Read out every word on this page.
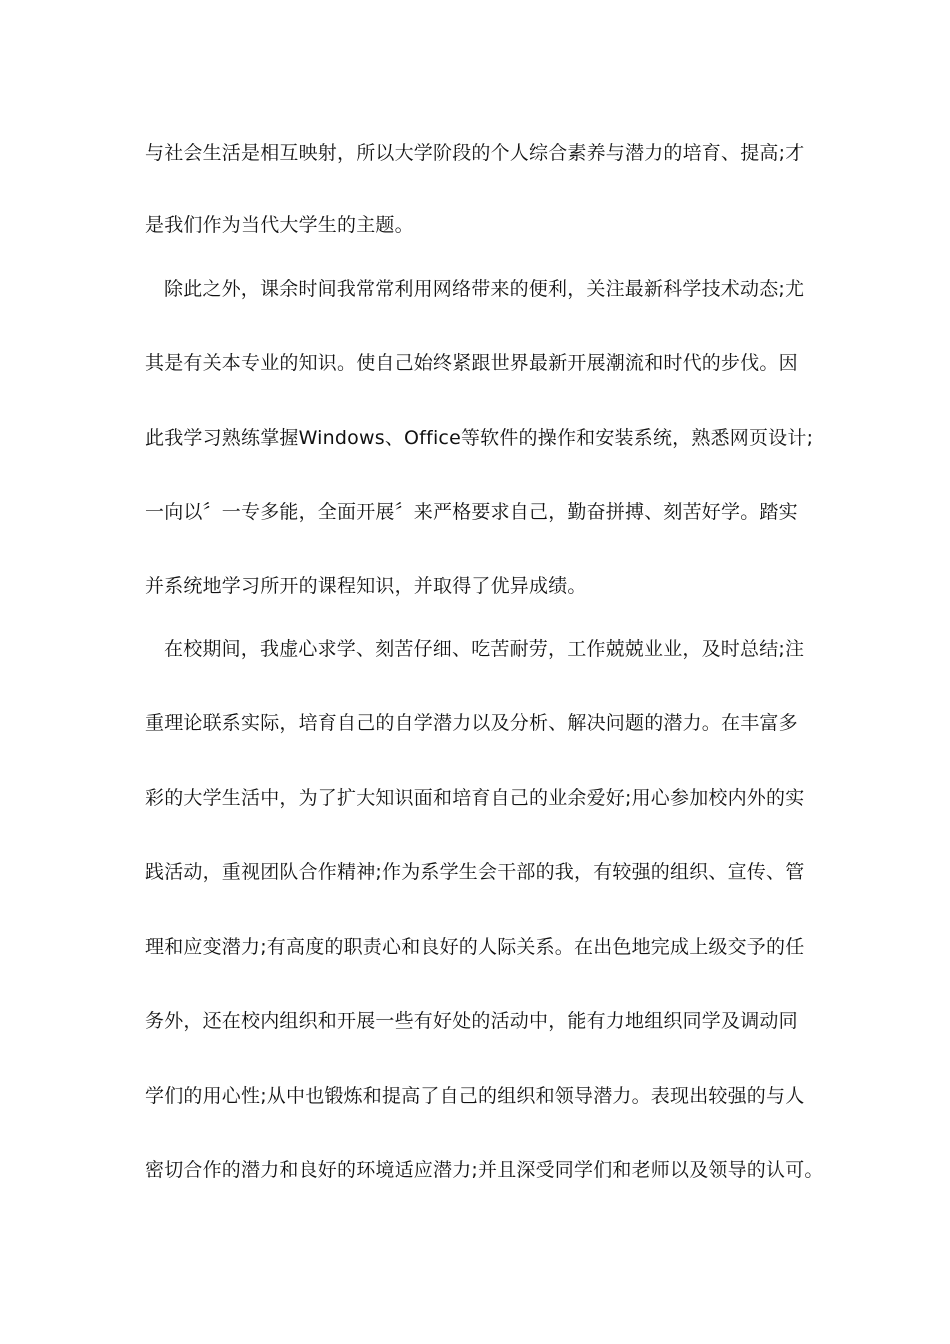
与社会生活是相互映射，所以大学阶段的个人综合素养与潜力的培育、提高;才
是我们作为当代大学生的主题。
除此之外，课余时间我常常利用网络带来的便利，关注最新科学技术动态;尤
其是有关本专业的知识。使自己始终紧跟世界最新开展潮流和时代的步伐。因
此我学习熟练掌握Windows、Office等软件的操作和安装系统，熟悉网页设计;
一向以〞一专多能，全面开展〞来严格要求自己，勤奋拼搏、刻苦好学。踏实
并系统地学习所开的课程知识，并取得了优异成绩。
在校期间，我虚心求学、刻苦仔细、吃苦耐劳，工作兢兢业业，及时总结;注
重理论联系实际，培育自己的自学潜力以及分析、解决问题的潜力。在丰富多
彩的大学生活中，为了扩大知识面和培育自己的业余爱好;用心参加校内外的实
践活动，重视团队合作精神;作为系学生会干部的我，有较强的组织、宣传、管
理和应变潜力;有高度的职责心和良好的人际关系。在出色地完成上级交予的任
务外，还在校内组织和开展一些有好处的活动中，能有力地组织同学及调动同
学们的用心性;从中也锻炼和提高了自己的组织和领导潜力。表现出较强的与人
密切合作的潜力和良好的环境适应潜力;并且深受同学们和老师以及领导的认可。
